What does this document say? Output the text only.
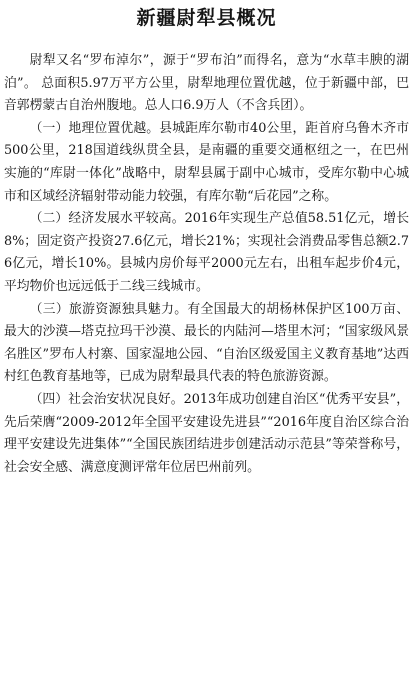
新疆尉犁县概况

尉犁又名“罗布淖尔”，源于“罗布泊”而得名，意为“水草丰腴的湖泊”。 总面积5.97万平方公里，尉犁地理位置优越，位于新疆中部，巴音郭楞蒙古自治州腹地。总人口6.9万人（不含兵团）。

（一）地理位置优越。县城距库尔勒市40公里，距首府乌鲁木齐市500公里，218国道线纵贯全县，是南疆的重要交通枢纽之一，在巴州实施的“库尉一体化”战略中，尉犁县属于副中心城市，受库尔勒中心城市和区域经济辐射带动能力较强，有库尔勒“后花园”之称。

（二）经济发展水平较高。2016年实现生产总值58.51亿元，增长8%；固定资产投资27.6亿元，增长21%；实现社会消费品零售总额2.76亿元，增长10%。县城内房价每平2000元左右，出租车起步价4元，平均物价也远远低于二线三线城市。

（三）旅游资源独具魅力。有全国最大的胡杨林保护区100万亩、最大的沙漠—塔克拉玛干沙漠、最长的内陆河—塔里木河；“国家级风景名胜区”罗布人村寨、国家湿地公园、“自治区级爱国主义教育基地”达西村红色教育基地等，已成为尉犁最具代表的特色旅游资源。

（四）社会治安状况良好。2013年成功创建自治区“优秀平安县”，先后荣膺“2009-2012年全国平安建设先进县”“2016年度自治区综合治理平安建设先进集体”“全国民族团结进步创建活动示范县”等荣誉称号，社会安全感、满意度测评常年位居巴州前列。
